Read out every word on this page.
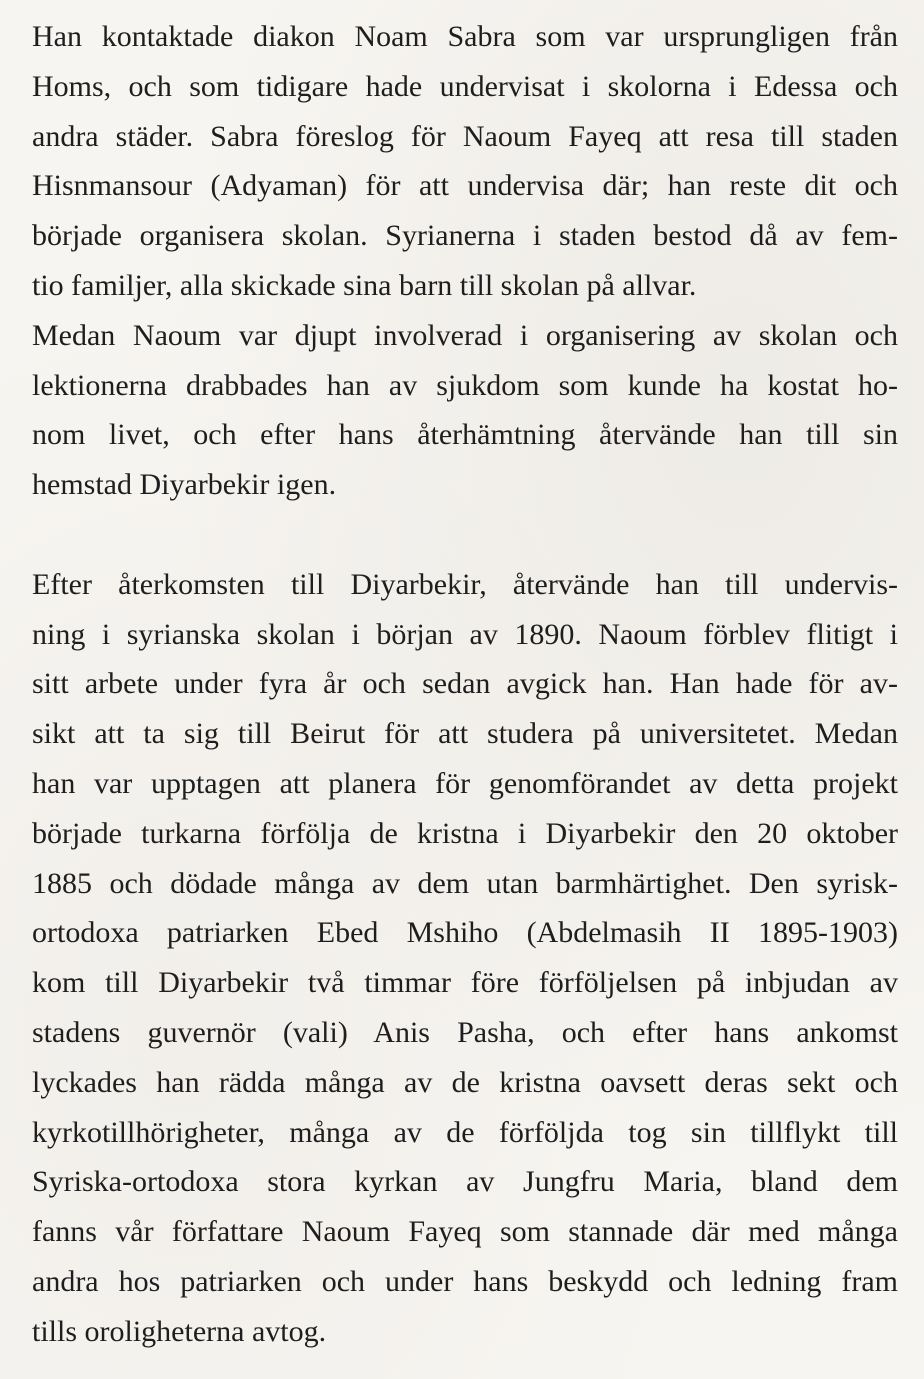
Han kontaktade diakon Noam Sabra som var ursprungligen från
Homs, och som tidigare hade undervisat i skolorna i Edessa och
andra städer. Sabra föreslog för Naoum Fayeq att resa till staden
Hisnmansour (Adyaman) för att undervisa där; han reste dit och
började organisera skolan. Syrianerna i staden bestod då av fem-
tio familjer, alla skickade sina barn till skolan på allvar.
Medan Naoum var djupt involverad i organisering av skolan och
lektionerna drabbades han av sjukdom som kunde ha kostat ho-
nom livet, och efter hans återhämtning återvände han till sin
hemstad Diyarbekir igen.
Efter återkomsten till Diyarbekir, återvände han till undervis-
ning i syrianska skolan i början av 1890. Naoum förblev flitigt i
sitt arbete under fyra år och sedan avgick han. Han hade för av-
sikt att ta sig till Beirut för att studera på universitetet. Medan
han var upptagen att planera för genomförandet av detta projekt
började turkarna förfölja de kristna i Diyarbekir den 20 oktober
1885 och dödade många av dem utan barmhärtighet. Den syrisk-
ortodoxa patriarken Ebed Mshiho (Abdelmasih II 1895-1903)
kom till Diyarbekir två timmar före förföljelsen på inbjudan av
stadens guvernör (vali) Anis Pasha, och efter hans ankomst
lyckades han rädda många av de kristna oavsett deras sekt och
kyrkotillhörigheter, många av de förföljda tog sin tillflykt till
Syriska-ortodoxa stora kyrkan av Jungfru Maria, bland dem
fanns vår författare Naoum Fayeq som stannade där med många
andra hos patriarken och under hans beskydd och ledning fram
tills oroligheterna avtog.
